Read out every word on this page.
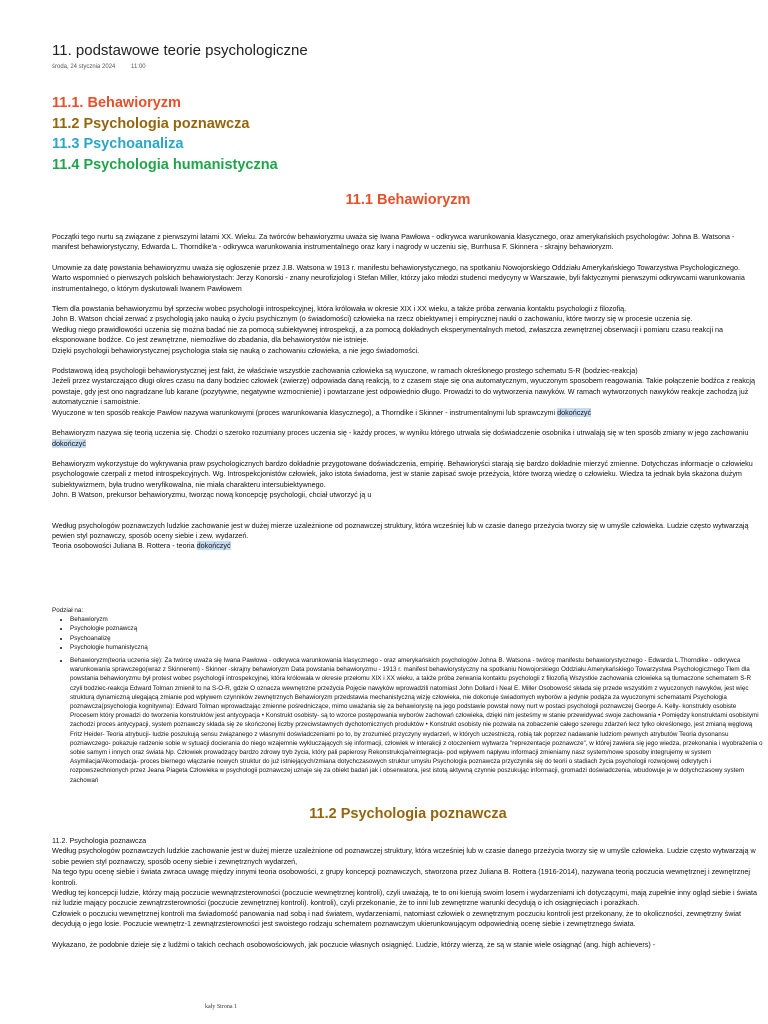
11. podstawowe teorie psychologiczne
środa, 24 stycznia 2024	11:00
11.1. Behawioryzm
11.2 Psychologia poznawcza
11.3 Psychoanaliza
11.4 Psychologia humanistyczna
11.1 Behawioryzm

Początki tego nurtu są związane z pierwszymi latami XX. Wieku. Za twórców behawioryzmu uważa się Iwana Pawłowa - odkrywca warunkowania klasycznego, oraz amerykańskich psychologów: Johna B. Watsona - manifest behawiorystyczny, Edwarda L. Thorndike'a - odkrywca warunkowania instrumentalnego oraz kary i nagrody w uczeniu się, Burrhusa F. Skinnera - skrajny behawioryzm.

Umownie za datę powstania behawioryzmu uważa się ogłoszenie przez J.B. Watsona w 1913 r. manifestu behawiorystycznego, na spotkaniu Nowojorskiego Oddziału Amerykańskiego Towarzystwa Psychologicznego.

Warto wspomnieć o pierwszych polskich behawiorystach: Jerzy Konorski - znany neurofizjolog i Stefan Miller, którzy jako młodzi studenci medycyny w Warszawie, byli faktycznymi pierwszymi odkrywcami warunkowania instrumentalnego, o którym dyskutowali Iwanem Pawłowem

Tłem dla powstania behawioryzmu był sprzeciw wobec psychologii introspekcyjnej, która królowała w okresie XIX i XX wieku, a także próba zerwania kontaktu psychologii z filozofią.

John B. Watson chciał zerwać z psychologią jako nauką o życiu psychicznym (o świadomości) człowieka na rzecz obiektywnej i empirycznej nauki o zachowaniu, które tworzy się w procesie uczenia się.

Według niego prawidłowości uczenia się można badać nie za pomocą subiektywnej introspekcji, a za pomocą dokładnych eksperymentalnych metod, zwłaszcza zewnętrznej obserwacji i pomiaru czasu reakcji na eksponowane bodźce. Co jest zewnętrzne, niemożliwe do zbadania, dla behawiorystów nie istnieje.

Dzięki psychologii behawiorystycznej psychologia stała się nauką o zachowaniu człowieka, a nie jego świadomości.

Podstawową ideą psychologii behawiorystycznej jest fakt, że właściwie wszystkie zachowania człowieka są wyuczone, w ramach określonego prostego schematu S-R (bodziec-reakcja)

Jeżeli przez wystarczająco długi okres czasu na dany bodziec człowiek (zwierzę) odpowiada daną reakcją, to z czasem staje się ona automatycznym, wyuczonym sposobem reagowania. Takie połączenie bodźca z reakcją powstaje, gdy jest ono nagradzane lub karane (pozytywne, negatywne wzmocnienie) i powtarzane jest odpowiednio długo. Prowadzi to do wytworzenia nawyków. W ramach wytworzonych nawyków reakcje zachodzą już automatycznie i samoistnie.

Wyuczone w ten sposób reakcje Pawłow nazywa warunkowymi (proces warunkowania klasycznego), a Thorndike i Skinner - instrumentalnymi lub sprawczymi dokończyć

Behawioryzm nazywa się teorią uczenia się. Chodzi o szeroko rozumiany proces uczenia się - każdy proces, w wyniku którego utrwala się doświadczenie osobnika i utrwalają się w ten sposób zmiany w jego zachowaniu dokończyć

Behawioryzm wykorzystuje do wykrywania praw psychologicznych bardzo dokładnie przygotowane doświadczenia, empirię. Behawioryści starają się bardzo dokładnie mierzyć zmienne. Dotychczas informacje o człowieku psychologowie czerpali z metod introspekcyjnych. Wg. Introspekcjonistów człowiek, jako istota świadoma, jest w stanie zapisać swoje przeżycia, które tworzą wiedzę o człowieku. Wiedza ta jednak była skażona dużym subiektywizmem, była trudno weryfikowalna, nie miała charakteru intersubiektywnego.

John. B Watson, prekursor behawioryzmu, tworząc nową koncepcję psychologii, chciał utworzyć ją u

Według psychologów poznawczych ludzkie zachowanie jest w dużej mierze uzależnione od poznawczej struktury, która wcześniej lub w czasie danego przeżycia tworzy się w umyśle człowieka. Ludzie często wytwarzają pewien styl poznawczy, sposób oceny siebie i zew. wydarzeń.

Teoria osobowości Juliana B. Rottera - teoria dokończyć

Podział na:

• Behawioryzm
• Psychologie poznawczą
• Psychoanalizę
• Psychologie humanistyczną
• Behawioryzm(teoria uczenia się): Za twórcę uważa się Iwana Pawłowa - odkrywca warunkowania klasycznego - oraz amerykańskich psychologów Johna B. Watsona - twórcę manifestu behawiorystycznego - Edwarda L.Thorndike - odkrywca warunkowania sprawczego(wraz z Skinnerem) - Skinner -skrajny behawioryzm Data powstania behawioryzmu - 1913 r. manifest behawiorystyczny na spotkaniu Nowojorskiego Oddziału Amerykańskiego Towarzystwa Psychologicznego Tłem dla powstania behawioryzmu był protest wobec psychologii introspekcyjnej, która królowała w okresie przełomu XIX i XX wieku, a także próba zerwania kontaktu psychologii z filozofią Wszystkie zachowania człowieka są tłumaczone schematem S-R czyli bodziec-reakcja Edward Tolman zmienił to na S-O-R, gdzie O oznacza wewnętrzne przeżycia Pojęcie nawyków wprowadzili natomiast John Dollard i Neal E. Miller Osobowość składa się przede wszystkim z wyuczonych nawyków, jest więc strukturą dynamiczną ulegającą zmianie pod wpływem czynników zewnętrznych Behawioryzm przedstawia mechanistyczną wizję człowieka, nie dokonuje świadomych wyborów a jedynie podąża za wyuczonymi schematami Psychologia poznawcza(psychologia kognitywna): Edward Tolman wprowadzając zmienne pośredniczące, mimo uważania się za behawiorystę na jego podstawie powstał nowy nurt w postaci psychologii poznawczej George A. Kelly- konstrukty osobiste Procesem który prowadzi do tworzenia konstruktów jest antycypacja • Konstrukt osobisty- są to wzorce postępowania wyborów zachowań człowieka, dzięki nim jesteśmy w stanie przewidywać swoje zachowania • Pomiędzy konstruktami osobistymi zachodzi proces antycypacji, system poznawczy składa się ze skończonej liczby przeciwstawnych dychotomicznych produktów • Konstrukt osobisty nie pozwala na zobaczenie całego szeregu zdarzeń lecz tylko określonego, jest zmianą węglową Fritz Heider- Teoria atrybucji- ludzie poszukują sensu związanego z własnymi doświadczeniami po to, by zrozumieć przyczyny wydarzeń, w których uczestniczą, robią tak poprzez nadawanie ludziom pewnych atrybutów Teoria dysonansu poznawczego- pokazuje radzenie sobie w sytuacji docierania do niego wzajemnie wykluczających się informacji, człowiek w interakcji z otoczeniem wytwarza "reprezentacje poznawcze", w której zawiera się jego wiedza, przekonania i wyobrażenia o sobie samym i innych oraz świata Np. Człowiek prowadzący bardzo zdrowy tryb życia, który pali papierosy Rekonstrukcja/reintegracja- pod wpływem napływu informacji zmieniamy nasz system/nowe sposoby integrujemy w system Asymilacja/Akomodacja- proces biernego włączanie nowych struktur do już istniejących/zmiana dotychczasowych struktur umysłu Psychologia poznawcza przyczyniła się do teorii o stadiach życia psychologii rozwojowej odkrytych i rozpowszechnionych przez Jeana Piageta Człowieka w psychologii poznawczej uznaje się za obiekt badań jak i obserwatora, jest istotą aktywną czynnie poszukując informacji, gromadzi doświadczenia, wbudowuje je w dotychczasowy system zachowań
11.2 Psychologia poznawcza

11.2. Psychologia poznawcza

Według psychologów poznawczych ludzkie zachowanie jest w dużej mierze uzależnione od poznawczej struktury, która wcześniej lub w czasie danego przeżycia tworzy się w umyśle człowieka. Ludzie często wytwarzają w sobie pewien styl poznawczy, sposób oceny siebie i zewnętrznych wydarzeń,

Na tego typu ocenę siebie i świata zwraca uwagę między innymi teoria osobowości, z grupy koncepcji poznawczych, stworzona przez Juliana B. Rottera (1916-2014), nazywana teorią poczucia wewnętrznej i zewnętrznej kontroli.

Według tej koncepcji ludzie, którzy mają poczucie wewnątrzsterowności (poczucie wewnętrznej kontroli), czyli uważają, te to oni kierują swoim losem i wydarzeniami ich dotyczącymi, mają zupełnie inny ogląd siebie i świata niż ludzie mający poczucie zewnątrzsterowności (poczucie zewnętrznej kontroli). kontroli), czyli przekonanie, że to inni lub zewnętrzne warunki decydują o ich osiągnięciach i porażkach.

Człowiek o poczuciu wewnętrznej kontroli ma świadomość panowania nad sobą i nad światem, wydarzeniami, natomiast człowiek o zewnętrznym poczuciu kontroli jest przekonany, że to okoliczności, zewnętrzny świat decydują o jego losie. Poczucie wewnętrz-1 zewnątrzsterowności jest swoistego rodzaju schematem poznawczym ukierunkowującym odpowiednią ocenę siebie i zewnętrznego świata.

Wykazano, że podobnie dzieje się z ludźmi o takich cechach osobowościowych, jak poczucie własnych osiągnięć. Ludzie, którzy wierzą, że są w stanie wiele osiągnąć (ang. high achievers) -

kały Strona 1
